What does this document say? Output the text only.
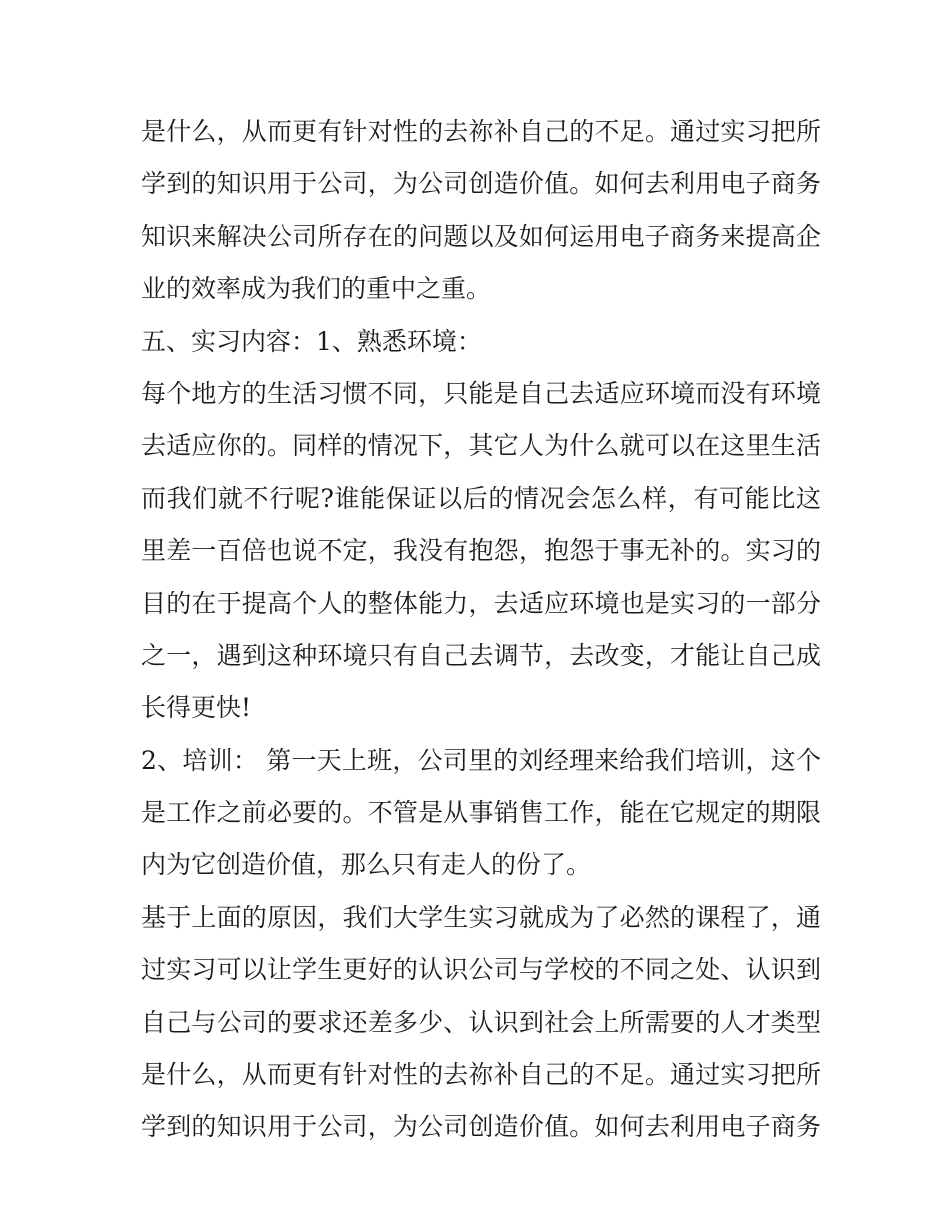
是什么，从而更有针对性的去祢补自己的不足。通过实习把所
学到的知识用于公司，为公司创造价值。如何去利用电子商务
知识来解决公司所存在的问题以及如何运用电子商务来提高企
业的效率成为我们的重中之重。
五、实习内容：1、熟悉环境：
每个地方的生活习惯不同，只能是自己去适应环境而没有环境
去适应你的。同样的情况下，其它人为什么就可以在这里生活
而我们就不行呢?谁能保证以后的情况会怎么样，有可能比这
里差一百倍也说不定，我没有抱怨，抱怨于事无补的。实习的
目的在于提高个人的整体能力，去适应环境也是实习的一部分
之一，遇到这种环境只有自己去调节，去改变，才能让自己成
长得更快!
2、培训： 第一天上班，公司里的刘经理来给我们培训，这个
是工作之前必要的。不管是从事销售工作，能在它规定的期限
内为它创造价值，那么只有走人的份了。
基于上面的原因，我们大学生实习就成为了必然的课程了，通
过实习可以让学生更好的认识公司与学校的不同之处、认识到
自己与公司的要求还差多少、认识到社会上所需要的人才类型
是什么，从而更有针对性的去祢补自己的不足。通过实习把所
学到的知识用于公司，为公司创造价值。如何去利用电子商务
